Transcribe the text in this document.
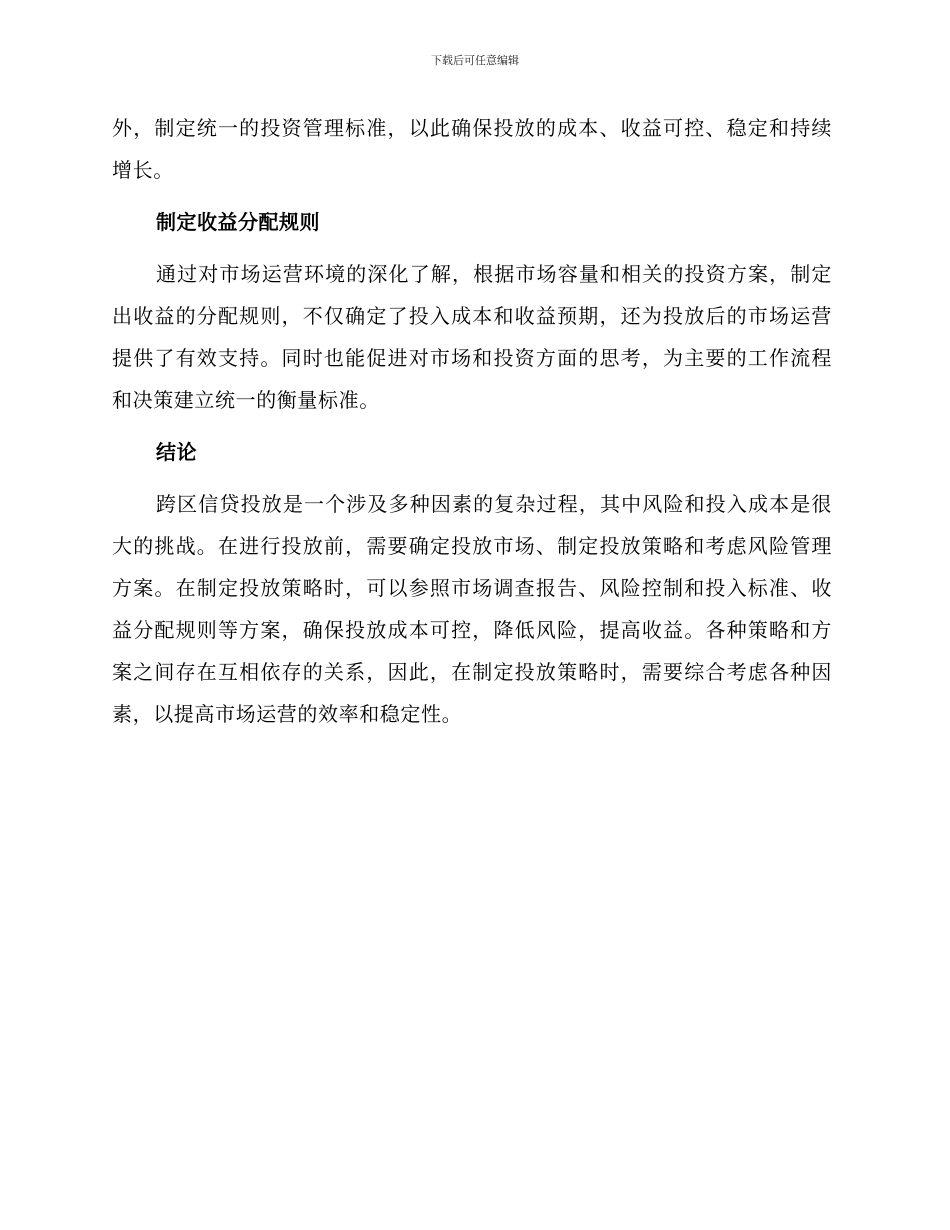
下载后可任意编辑

外，制定统一的投资管理标准，以此确保投放的成本、收益可控、稳定和持续增长。

制定收益分配规则

通过对市场运营环境的深化了解，根据市场容量和相关的投资方案，制定出收益的分配规则，不仅确定了投入成本和收益预期，还为投放后的市场运营提供了有效支持。同时也能促进对市场和投资方面的思考，为主要的工作流程和决策建立统一的衡量标准。

结论

跨区信贷投放是一个涉及多种因素的复杂过程，其中风险和投入成本是很大的挑战。在进行投放前，需要确定投放市场、制定投放策略和考虑风险管理方案。在制定投放策略时，可以参照市场调查报告、风险控制和投入标准、收益分配规则等方案，确保投放成本可控，降低风险，提高收益。各种策略和方案之间存在互相依存的关系，因此，在制定投放策略时，需要综合考虑各种因素，以提高市场运营的效率和稳定性。
